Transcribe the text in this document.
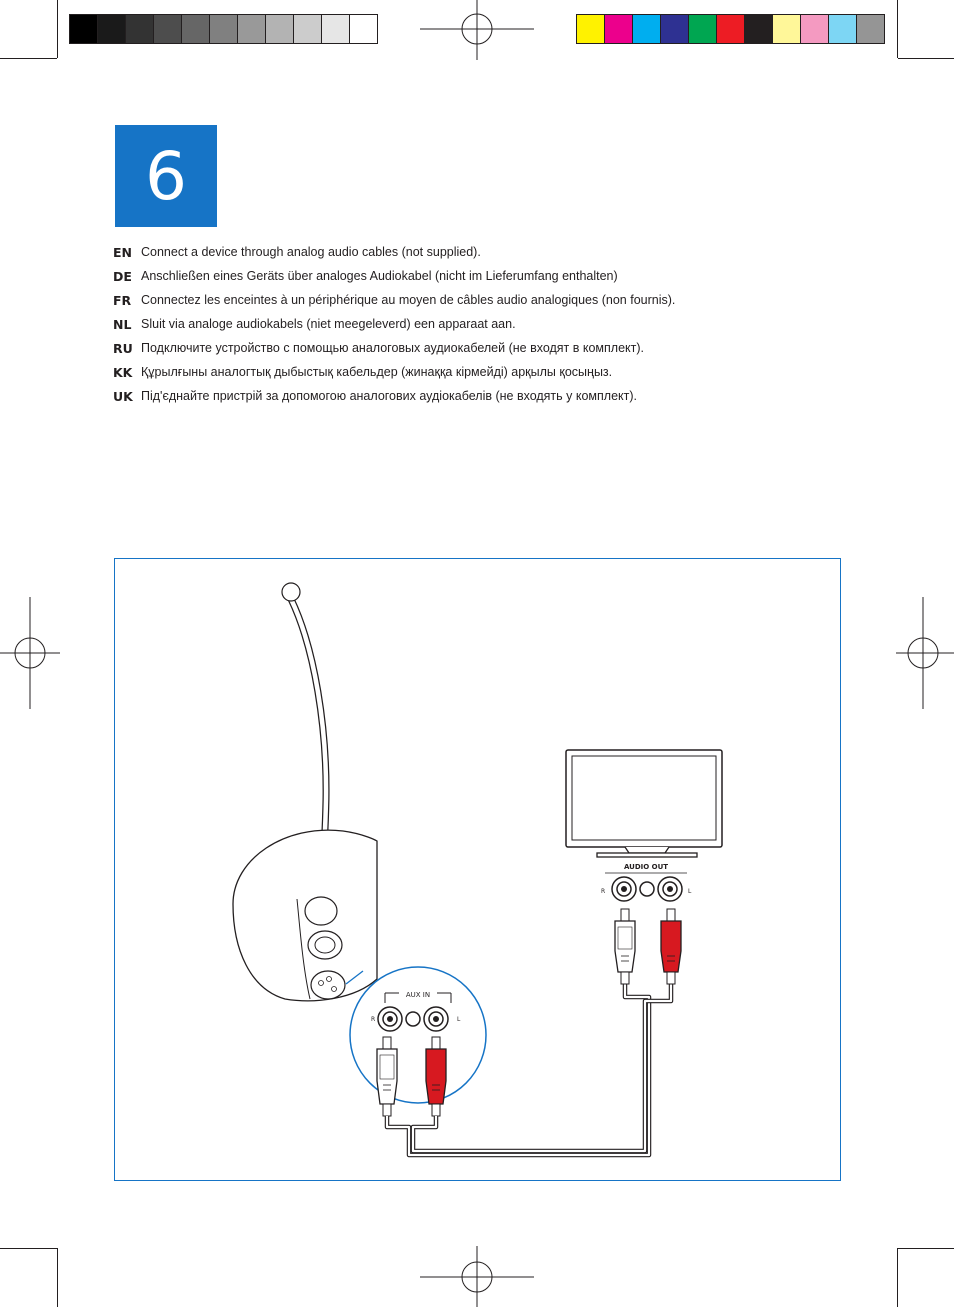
6
EN Connect a device through analog audio cables (not supplied).
DE Anschließen eines Geräts über analoges Audiokabel (nicht im Lieferumfang enthalten)
FR Connectez les enceintes à un périphérique au moyen de câbles audio analogiques (non fournis).
NL Sluit via analoge audiokabels (niet meegeleverd) een apparaat aan.
RU Подключите устройство с помощью аналоговых аудиокабелей (не входят в комплект).
KK Құрылғыны аналогтық дыбыстық кабельдер (жинаққа кірмейді) арқылы қосыңыз.
UK Під'єднайте пристрій за допомогою аналогових аудіокабелів (не входять у комплект).
AUX IN
R	L
AUDIO OUT
R	L
